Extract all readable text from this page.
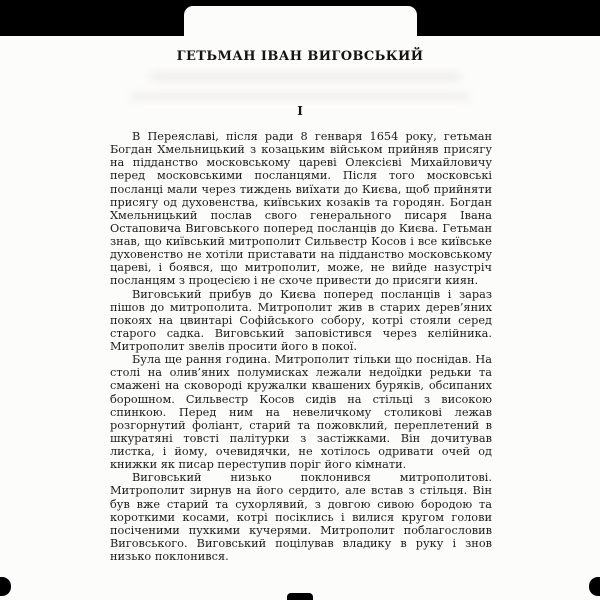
ГЕТЬМАН ІВАН ВИГОВСЬКИЙ
I

В Переяславі, після ради 8 генваря 1654 року, гетьман Богдан Хмельницький з козацьким військом прийняв присягу на підданство московському цареві Олексієві Михайловичу перед московськими посланцями. Після того московські посланці мали через тиждень виїхати до Києва, щоб прийняти присягу од духовенства, київських козаків та городян. Богдан Хмельницький послав свого генерального писаря Івана Остаповича Виговського поперед посланців до Києва. Гетьман знав, що київський митрополит Сильвестр Косов і все київське духовенство не хотіли приставати на підданство московському цареві, і боявся, що митрополит, може, не вийде назустріч посланцям з процесією і не схоче привести до присяги киян.

Виговський прибув до Києва поперед посланців і зараз пішов до митрополита. Митрополит жив в старих дерев’яних покоях на цвинтарі Софійського собору, котрі стояли серед старого садка. Виговський заповістився через келійника. Митрополит звелів просити його в покої.

Була ще рання година. Митрополит тільки що поснідав. На столі на олив’яних полумисках лежали недоїдки редьки та смажені на сковороді кружалки квашених буряків, обсипаних борошном. Сильвестр Косов сидів на стільці з високою спинкою. Перед ним на невеличкому столикові лежав розгорнутий фоліант, старий та пожовклий, переплетений в шкуратяні товсті палітурки з застіжками. Він дочитував листка, і йому, очевидячки, не хотілось одривати очей од книжки як писар переступив поріг його кімнати.

Виговський низько поклонився митрополитові. Митрополит зирнув на його сердито, але встав з стільця. Він був вже старий та сухорлявий, з довгою сивою бородою та короткими косами, котрі посіклись і вилися кругом голови посіченими пухкими кучерями. Митрополит поблагословив Виговського. Виговський поцілував владику в руку і знов низько поклонився.
